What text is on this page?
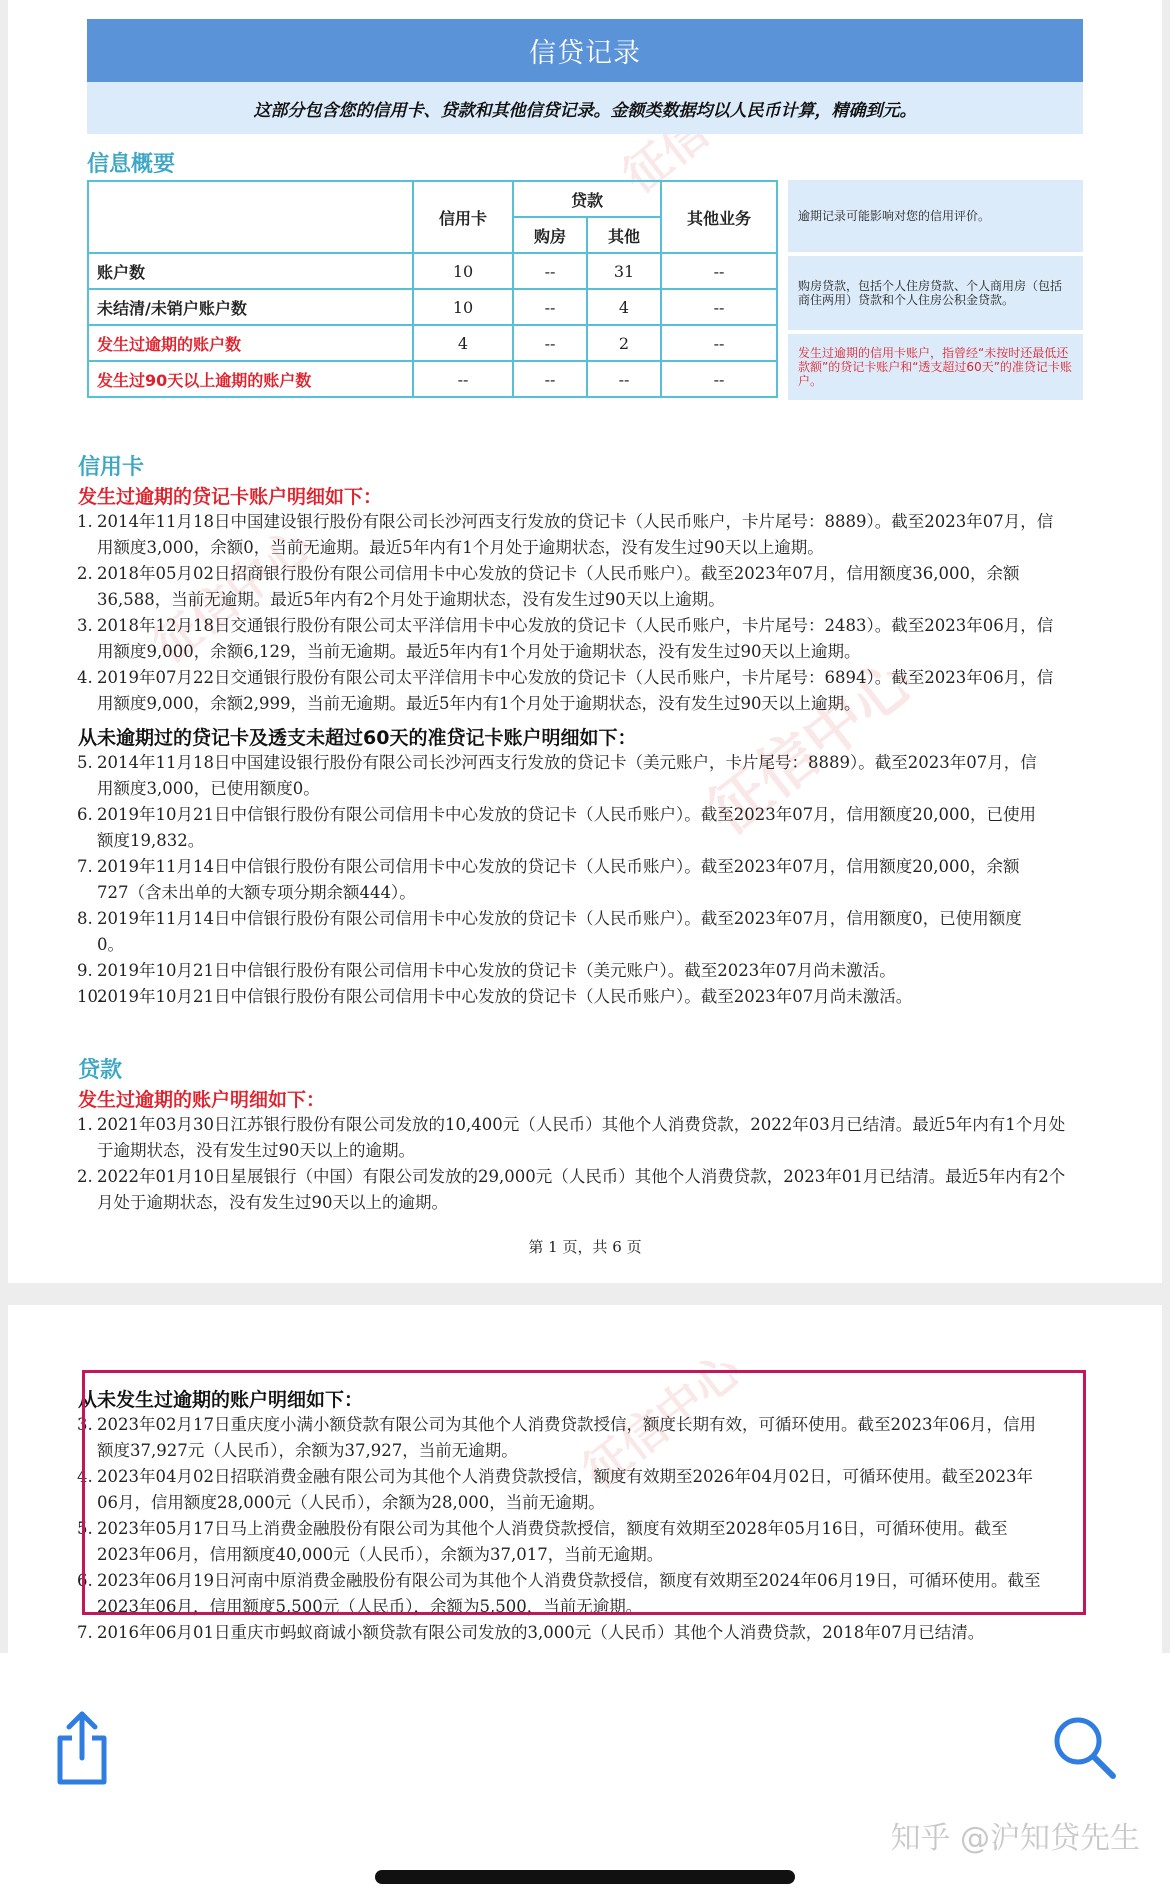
征信中心
征信中心
信贷记录
这部分包含您的信用卡、贷款和其他信贷记录。金额类数据均以人民币计算，精确到元。
信息概要
	信用卡	贷款		其他业务
		购房	其他	
账户数	10	--	31	--
未结清/未销户账户数	10	--	4	--
发生过逾期的账户数	4	--	2	--
发生过90天以上逾期的账户数	--	--	--	--
逾期记录可能影响对您的信用评价。
购房贷款，包括个人住房贷款、个人商用房（包括商住两用）贷款和个人住房公积金贷款。
发生过逾期的信用卡账户，指曾经“未按时还最低还款额”的贷记卡账户和“透支超过60天”的准贷记卡账户。
信用卡
发生过逾期的贷记卡账户明细如下：
1. 2014年11月18日中国建设银行股份有限公司长沙河西支行发放的贷记卡（人民币账户，卡片尾号：8889）。截至2023年07月，信
用额度3,000，余额0，当前无逾期。最近5年内有1个月处于逾期状态，没有发生过90天以上逾期。
2. 2018年05月02日招商银行股份有限公司信用卡中心发放的贷记卡（人民币账户）。截至2023年07月，信用额度36,000，余额
36,588，当前无逾期。最近5年内有2个月处于逾期状态，没有发生过90天以上逾期。
3. 2018年12月18日交通银行股份有限公司太平洋信用卡中心发放的贷记卡（人民币账户，卡片尾号：2483）。截至2023年06月，信
用额度9,000，余额6,129，当前无逾期。最近5年内有1个月处于逾期状态，没有发生过90天以上逾期。
4. 2019年07月22日交通银行股份有限公司太平洋信用卡中心发放的贷记卡（人民币账户，卡片尾号：6894）。截至2023年06月，信
用额度9,000，余额2,999，当前无逾期。最近5年内有1个月处于逾期状态，没有发生过90天以上逾期。
从未逾期过的贷记卡及透支未超过60天的准贷记卡账户明细如下：
5. 2014年11月18日中国建设银行股份有限公司长沙河西支行发放的贷记卡（美元账户，卡片尾号：8889）。截至2023年07月，信
用额度3,000，已使用额度0。
6. 2019年10月21日中信银行股份有限公司信用卡中心发放的贷记卡（人民币账户）。截至2023年07月，信用额度20,000，已使用
额度19,832。
7. 2019年11月14日中信银行股份有限公司信用卡中心发放的贷记卡（人民币账户）。截至2023年07月，信用额度20,000，余额
727（含未出单的大额专项分期余额444）。
8. 2019年11月14日中信银行股份有限公司信用卡中心发放的贷记卡（人民币账户）。截至2023年07月，信用额度0，已使用额度
0。
9. 2019年10月21日中信银行股份有限公司信用卡中心发放的贷记卡（美元账户）。截至2023年07月尚未激活。
10.
2019年10月21日中信银行股份有限公司信用卡中心发放的贷记卡（人民币账户）。截至2023年07月尚未激活。
贷款
发生过逾期的账户明细如下：
1. 2021年03月30日江苏银行股份有限公司发放的10,400元（人民币）其他个人消费贷款，2022年03月已结清。最近5年内有1个月处
于逾期状态，没有发生过90天以上的逾期。
2. 2022年01月10日星展银行（中国）有限公司发放的29,000元（人民币）其他个人消费贷款，2023年01月已结清。最近5年内有2个
月处于逾期状态，没有发生过90天以上的逾期。
第 1 页，共 6 页
征信中心
从未发生过逾期的账户明细如下：
3. 2023年02月17日重庆度小满小额贷款有限公司为其他个人消费贷款授信，额度长期有效，可循环使用。截至2023年06月，信用
额度37,927元（人民币），余额为37,927，当前无逾期。
4. 2023年04月02日招联消费金融有限公司为其他个人消费贷款授信，额度有效期至2026年04月02日，可循环使用。截至2023年
06月，信用额度28,000元（人民币），余额为28,000，当前无逾期。
5. 2023年05月17日马上消费金融股份有限公司为其他个人消费贷款授信，额度有效期至2028年05月16日，可循环使用。截至
2023年06月，信用额度40,000元（人民币），余额为37,017，当前无逾期。
6. 2023年06月19日河南中原消费金融股份有限公司为其他个人消费贷款授信，额度有效期至2024年06月19日，可循环使用。截至
2023年06月，信用额度5,500元（人民币），余额为5,500，当前无逾期。
7. 2016年06月01日重庆市蚂蚁商诚小额贷款有限公司发放的3,000元（人民币）其他个人消费贷款，2018年07月已结清。
知乎 @沪知贷先生
